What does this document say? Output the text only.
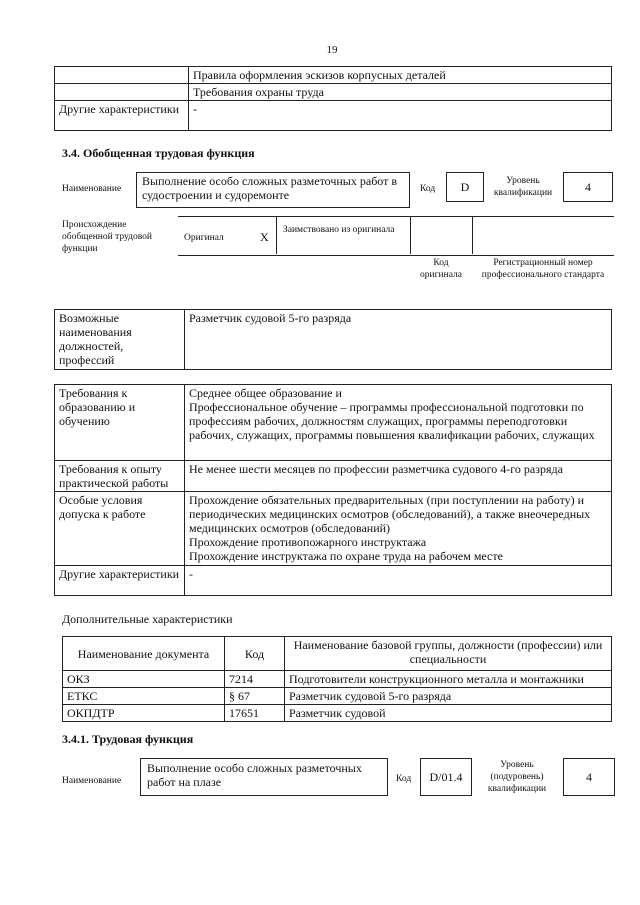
19
	Правила оформления эскизов корпусных деталей
	Требования охраны труда
Другие характеристики	-
3.4. Обобщенная трудовая функция
Наименование
Выполнение особо сложных разметочных работ в судостроении и судоремонте	Код	D	Уровень квалификации	4
Происхождение обобщенной трудовой функции
Оригинал	X Заимствовано из оригинала
Код оригинала
Регистрационный номер профессионального стандарта
Возможные наименования должностей, профессий	Разметчик судовой 5-го разряда
Требования к образованию и обучению	Среднее общее образование и
Профессиональное обучение – программы профессиональной подготовки по профессиям рабочих, должностям служащих, программы переподготовки рабочих, служащих, программы повышения квалификации рабочих, служащих

Требования к опыту практической работы	Не менее шести месяцев по профессии разметчика судового 4-го разряда
Особые условия допуска к работе	Прохождение обязательных предварительных (при поступлении на работу) и периодических медицинских осмотров (обследований), а также внеочередных медицинских осмотров (обследований)
Прохождение противопожарного инструктажа
Прохождение инструктажа по охране труда на рабочем месте

Другие характеристики	-
Дополнительные характеристики
Наименование документа	Код	Наименование базовой группы, должности (профессии) или специальности
ОКЗ	7214	Подготовители конструкционного металла и монтажники
ЕТКС	§ 67	Разметчик судовой 5-го разряда
ОКПДТР	17651	Разметчик судовой
3.4.1. Трудовая функция
Наименование
Выполнение особо сложных разметочных работ на плазе	Код	D/01.4
Уровень (подуровень) квалификации
4
